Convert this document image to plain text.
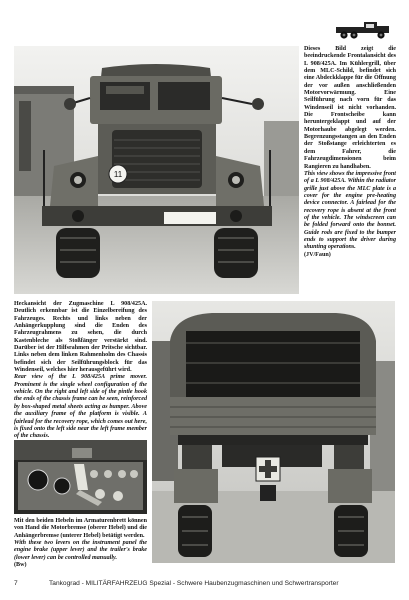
11
Dieses Bild zeigt die beeindruckende Frontalansicht des L 908/425A. Im Kühlergrill, über dem MLC-Schild, befindet sich eine Abdeckklappe für die Öffnung der vor außen anschließenden Motorvorwärmung. Eine Seilführung nach vorn für das Windenseil ist nicht vorhanden. Die Frontscheibe kann heruntergeklappt und auf der Motorhaube abgelegt werden. Begrenzungsstangen an den Enden der Stoßstange erleichterten es dem Fahrer, die Fahrzeugdimensionen beim Rangieren zu handhaben.
This view shows the impressive front of a L 908/425A. Within the radiator grille just above the MLC plate is a cover for the engine pre-heating device connector. A fairlead for the recovery rope is absent at the front of the vehicle. The windscreen can be folded forward onto the bonnet. Guide rods are fixed to the bumper ends to support the driver during shunting operations.
(JV/Faun)
Heckansicht der Zugmaschine L 908/425A. Deutlich erkennbar ist die Einzelbereifung des Fahrzeuges. Rechts und links neben der Anhängerkupplung sind die Enden des Fahrzeugrahmens zu sehen, die durch Kastenbleche als Stoßfänger verstärkt sind. Darüber ist der Hilfsrahmen der Pritsche sichtbar. Links neben dem linken Rahmenholm des Chassis befindet sich der Seilführungsblock für das Windenseil, welches hier herausgeführt wird.
Rear view of the L 908/425A prime mover. Prominent is the single wheel configuration of the vehicle. On the right and left side of the pintle hook the ends of the chassis frame can be seen, reinforced by box-shaped metal sheets acting as bumper. Above the auxiliary frame of the platform is visible. A fairlead for the recovery rope, which comes out here, is fixed onto the left side near the left frame member of the chassis.
Mit den beiden Hebeln im Armaturenbrett können von Hand die Motorbremse (oberer Hebel) und die Anhängerbremse (unterer Hebel) betätigt werden.
With these two levers on the instrument panel the engine brake (upper lever) and the trailer's brake (lower lever) can be controlled manually.
(Bw)
7	Tankograd - MILITÄRFAHRZEUG Spezial - Schwere Haubenzugmaschinen und Schwertransporter
